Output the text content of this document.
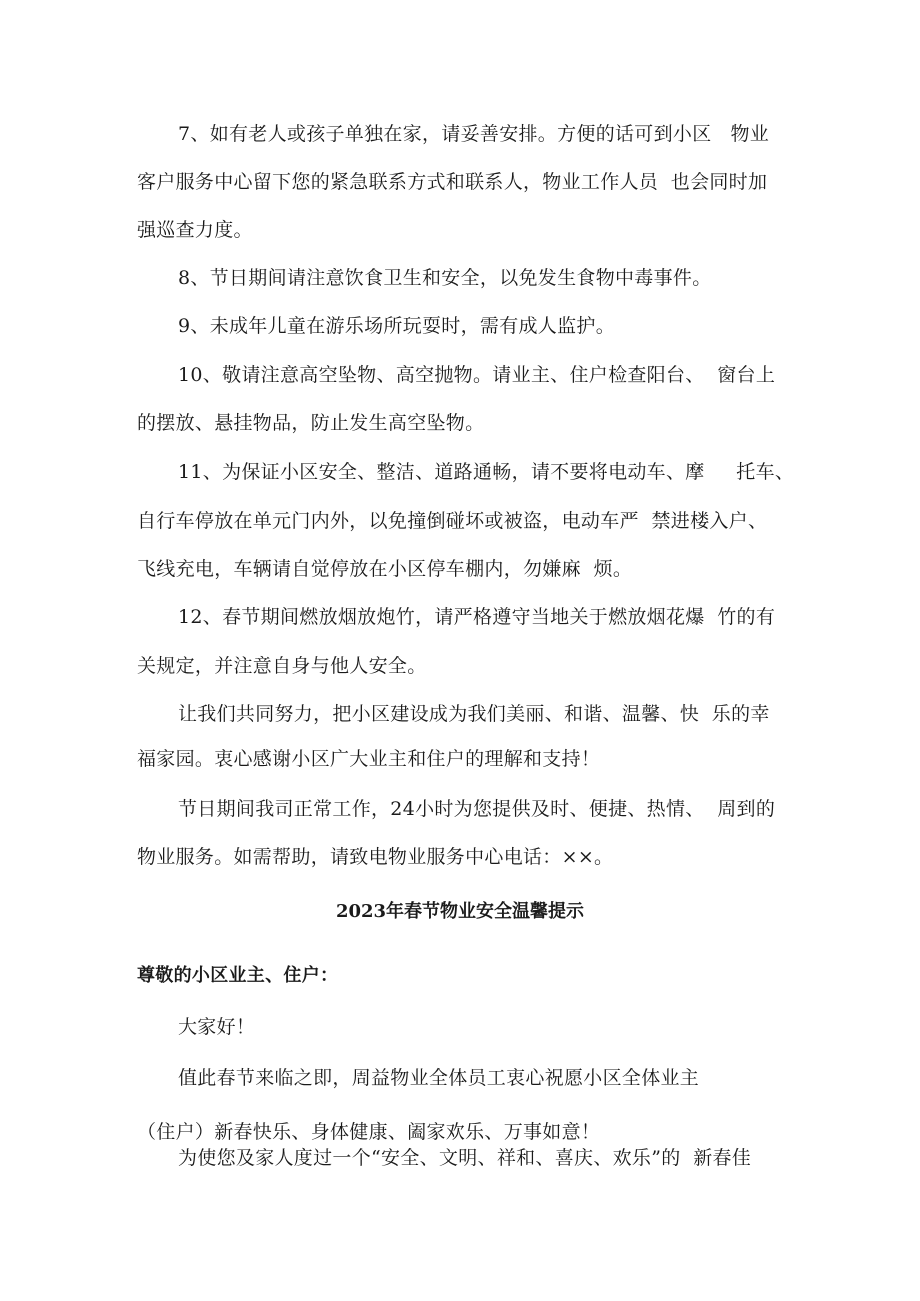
7、如有老人或孩子单独在家，请妥善安排。方便的话可到小区   物业
客户服务中心留下您的紧急联系方式和联系人，物业工作人员  也会同时加
强巡查力度。
8、节日期间请注意饮食卫生和安全，以免发生食物中毒事件。
9、未成年儿童在游乐场所玩耍时，需有成人监护。
10、敬请注意高空坠物、高空抛物。请业主、住户检查阳台、  窗台上
的摆放、悬挂物品，防止发生高空坠物。
11、为保证小区安全、整洁、道路通畅，请不要将电动车、摩     托车、
自行车停放在单元门内外，以免撞倒碰坏或被盗，电动车严  禁进楼入户、
飞线充电，车辆请自觉停放在小区停车棚内，勿嫌麻  烦。
12、春节期间燃放烟放炮竹，请严格遵守当地关于燃放烟花爆  竹的有
关规定，并注意自身与他人安全。
让我们共同努力，把小区建设成为我们美丽、和谐、温馨、快  乐的幸
福家园。衷心感谢小区广大业主和住户的理解和支持！
节日期间我司正常工作，24小时为您提供及时、便捷、热情、  周到的
物业服务。如需帮助，请致电物业服务中心电话：××。
2023年春节物业安全温馨提示
尊敬的小区业主、住户：
大家好！
值此春节来临之即，周益物业全体员工衷心祝愿小区全体业主
（住户）新春快乐、身体健康、阖家欢乐、万事如意！
为使您及家人度过一个“安全、文明、祥和、喜庆、欢乐”的  新春佳
